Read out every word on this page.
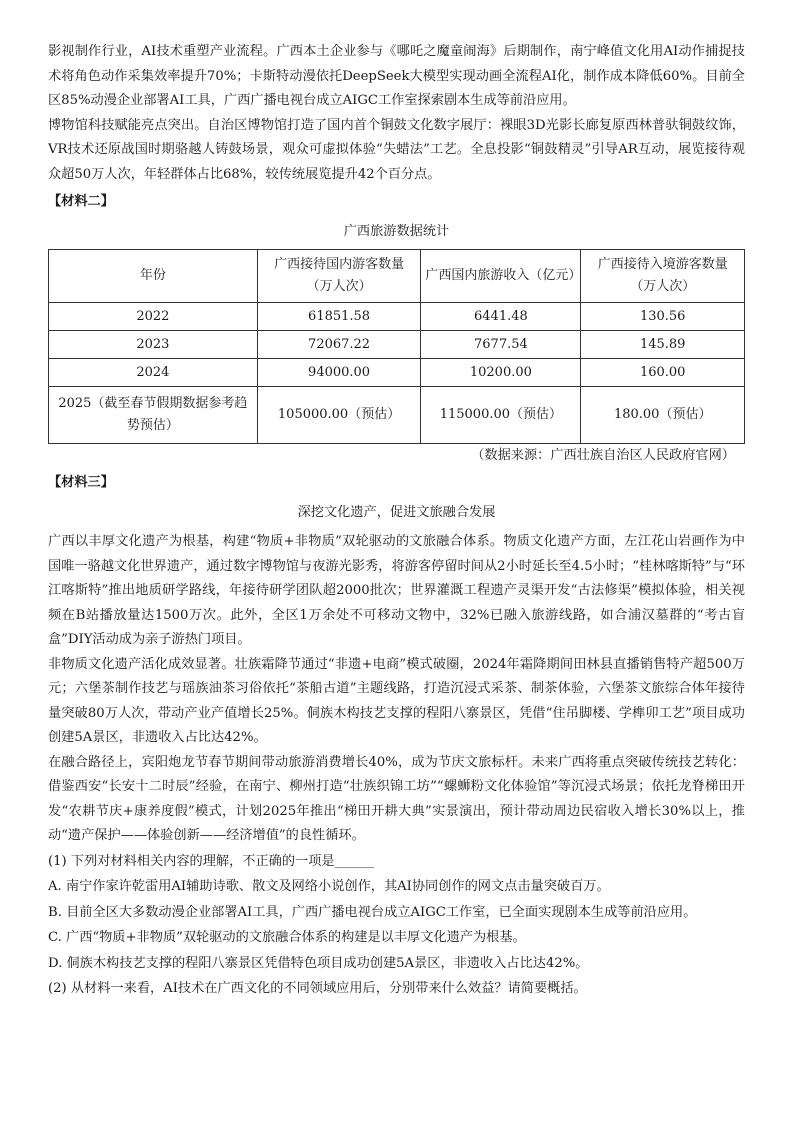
影视制作行业，AI技术重塑产业流程。广西本土企业参与《哪吒之魔童闹海》后期制作，南宁峰值文化用AI动作捕捉技术将角色动作采集效率提升70%；卡斯特动漫依托DeepSeek大模型实现动画全流程AI化，制作成本降低60%。目前全区85%动漫企业部署AI工具，广西广播电视台成立AIGC工作室探索剧本生成等前沿应用。

博物馆科技赋能亮点突出。自治区博物馆打造了国内首个铜鼓文化数字展厅：裸眼3D光影长廊复原西林普驮铜鼓纹饰，VR技术还原战国时期骆越人铸鼓场景，观众可虚拟体验“失蜡法”工艺。全息投影“铜鼓精灵”引导AR互动，展览接待观众超50万人次，年轻群体占比68%，较传统展览提升42个百分点。

【材料二】

广西旅游数据统计

年份	广西接待国内游客数量（万人次）	广西国内旅游收入（亿元）	广西接待入境游客数量（万人次）
2022	61851.58	6441.48	130.56
2023	72067.22	7677.54	145.89
2024	94000.00	10200.00	160.00
2025（截至春节假期数据参考趋势预估）	105000.00（预估）	115000.00（预估）	180.00（预估）

（数据来源：广西壮族自治区人民政府官网）

【材料三】

深挖文化遗产，促进文旅融合发展

广西以丰厚文化遗产为根基，构建“物质+非物质”双轮驱动的文旅融合体系。物质文化遗产方面，左江花山岩画作为中国唯一骆越文化世界遗产，通过数字博物馆与夜游光影秀，将游客停留时间从2小时延长至4.5小时；“桂林喀斯特”与“环江喀斯特”推出地质研学路线，年接待研学团队超2000批次；世界灌溉工程遗产灵渠开发“古法修渠”模拟体验，相关视频在B站播放量达1500万次。此外，全区1万余处不可移动文物中，32%已融入旅游线路，如合浦汉墓群的“考古盲盒”DIY活动成为亲子游热门项目。

非物质文化遗产活化成效显著。壮族霜降节通过“非遗+电商”模式破圈，2024年霜降期间田林县直播销售特产超500万元；六堡茶制作技艺与瑶族油茶习俗依托“茶船古道”主题线路，打造沉浸式采茶、制茶体验，六堡茶文旅综合体年接待量突破80万人次，带动产业产值增长25%。侗族木构技艺支撑的程阳八寨景区，凭借“住吊脚楼、学榫卯工艺”项目成功创建5A景区，非遗收入占比达42%。

在融合路径上，宾阳炮龙节春节期间带动旅游消费增长40%，成为节庆文旅标杆。未来广西将重点突破传统技艺转化：借鉴西安“长安十二时辰”经验，在南宁、柳州打造“壮族织锦工坊”“螺蛳粉文化体验馆”等沉浸式场景；依托龙脊梯田开发“农耕节庆+康养度假”模式，计划2025年推出“梯田开耕大典”实景演出，预计带动周边民宿收入增长30%以上，推动“遗产保护——体验创新——经济增值”的良性循环。

(1) 下列对材料相关内容的理解，不正确的一项是______

A. 南宁作家许乾雷用AI辅助诗歌、散文及网络小说创作，其AI协同创作的网文点击量突破百万。

B. 目前全区大多数动漫企业部署AI工具，广西广播电视台成立AIGC工作室，已全面实现剧本生成等前沿应用。

C. 广西“物质+非物质”双轮驱动的文旅融合体系的构建是以丰厚文化遗产为根基。

D. 侗族木构技艺支撑的程阳八寨景区凭借特色项目成功创建5A景区，非遗收入占比达42%。

(2) 从材料一来看，AI技术在广西文化的不同领域应用后，分别带来什么效益？请简要概括。
